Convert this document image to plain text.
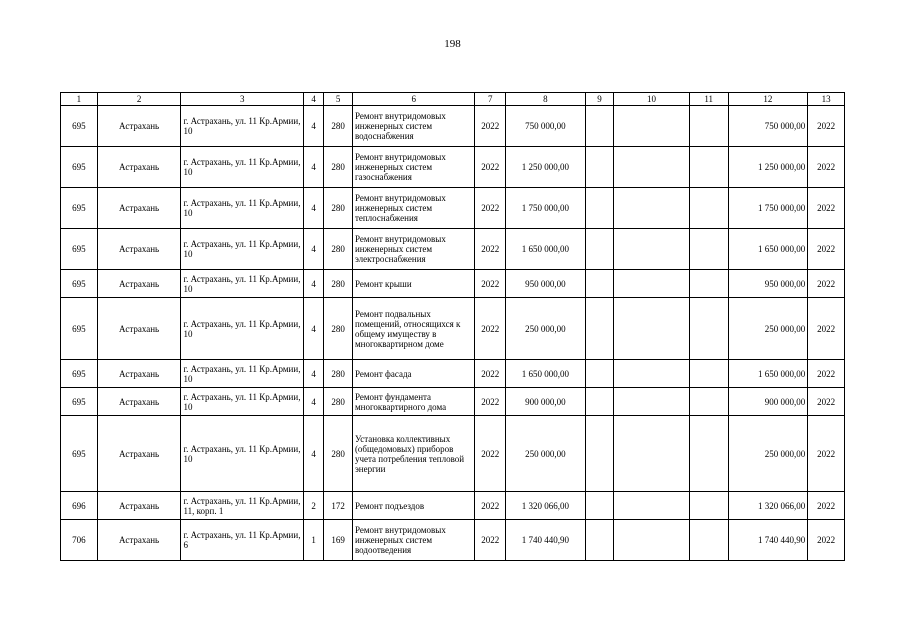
198
1	2	3	4	5	6	7	8	9	10	11	12	13
695	Астрахань	г. Астрахань, ул. 11 Кр.Армии, 10	4	280	Ремонт внутридомовых инженерных систем водоснабжения	2022	750 000,00				750 000,00	2022
695	Астрахань	г. Астрахань, ул. 11 Кр.Армии, 10	4	280	Ремонт внутридомовых инженерных систем газоснабжения	2022	1 250 000,00				1 250 000,00	2022
695	Астрахань	г. Астрахань, ул. 11 Кр.Армии, 10	4	280	Ремонт внутридомовых инженерных систем теплоснабжения	2022	1 750 000,00				1 750 000,00	2022
695	Астрахань	г. Астрахань, ул. 11 Кр.Армии, 10	4	280	Ремонт внутридомовых инженерных систем электроснабжения	2022	1 650 000,00				1 650 000,00	2022
695	Астрахань	г. Астрахань, ул. 11 Кр.Армии, 10	4	280	Ремонт крыши	2022	950 000,00				950 000,00	2022
695	Астрахань	г. Астрахань, ул. 11 Кр.Армии, 10	4	280	Ремонт подвальных помещений, относящихся к общему имуществу в многоквартирном доме	2022	250 000,00				250 000,00	2022
695	Астрахань	г. Астрахань, ул. 11 Кр.Армии, 10	4	280	Ремонт фасада	2022	1 650 000,00				1 650 000,00	2022
695	Астрахань	г. Астрахань, ул. 11 Кр.Армии, 10	4	280	Ремонт фундамента многоквартирного дома	2022	900 000,00				900 000,00	2022
695	Астрахань	г. Астрахань, ул. 11 Кр.Армии, 10	4	280	Установка коллективных (общедомовых) приборов учета потребления тепловой энергии	2022	250 000,00				250 000,00	2022
696	Астрахань	г. Астрахань, ул. 11 Кр.Армии, 11, корп. 1	2	172	Ремонт подъездов	2022	1 320 066,00				1 320 066,00	2022
706	Астрахань	г. Астрахань, ул. 11 Кр.Армии, 6	1	169	Ремонт внутридомовых инженерных систем водоотведения	2022	1 740 440,90				1 740 440,90	2022
